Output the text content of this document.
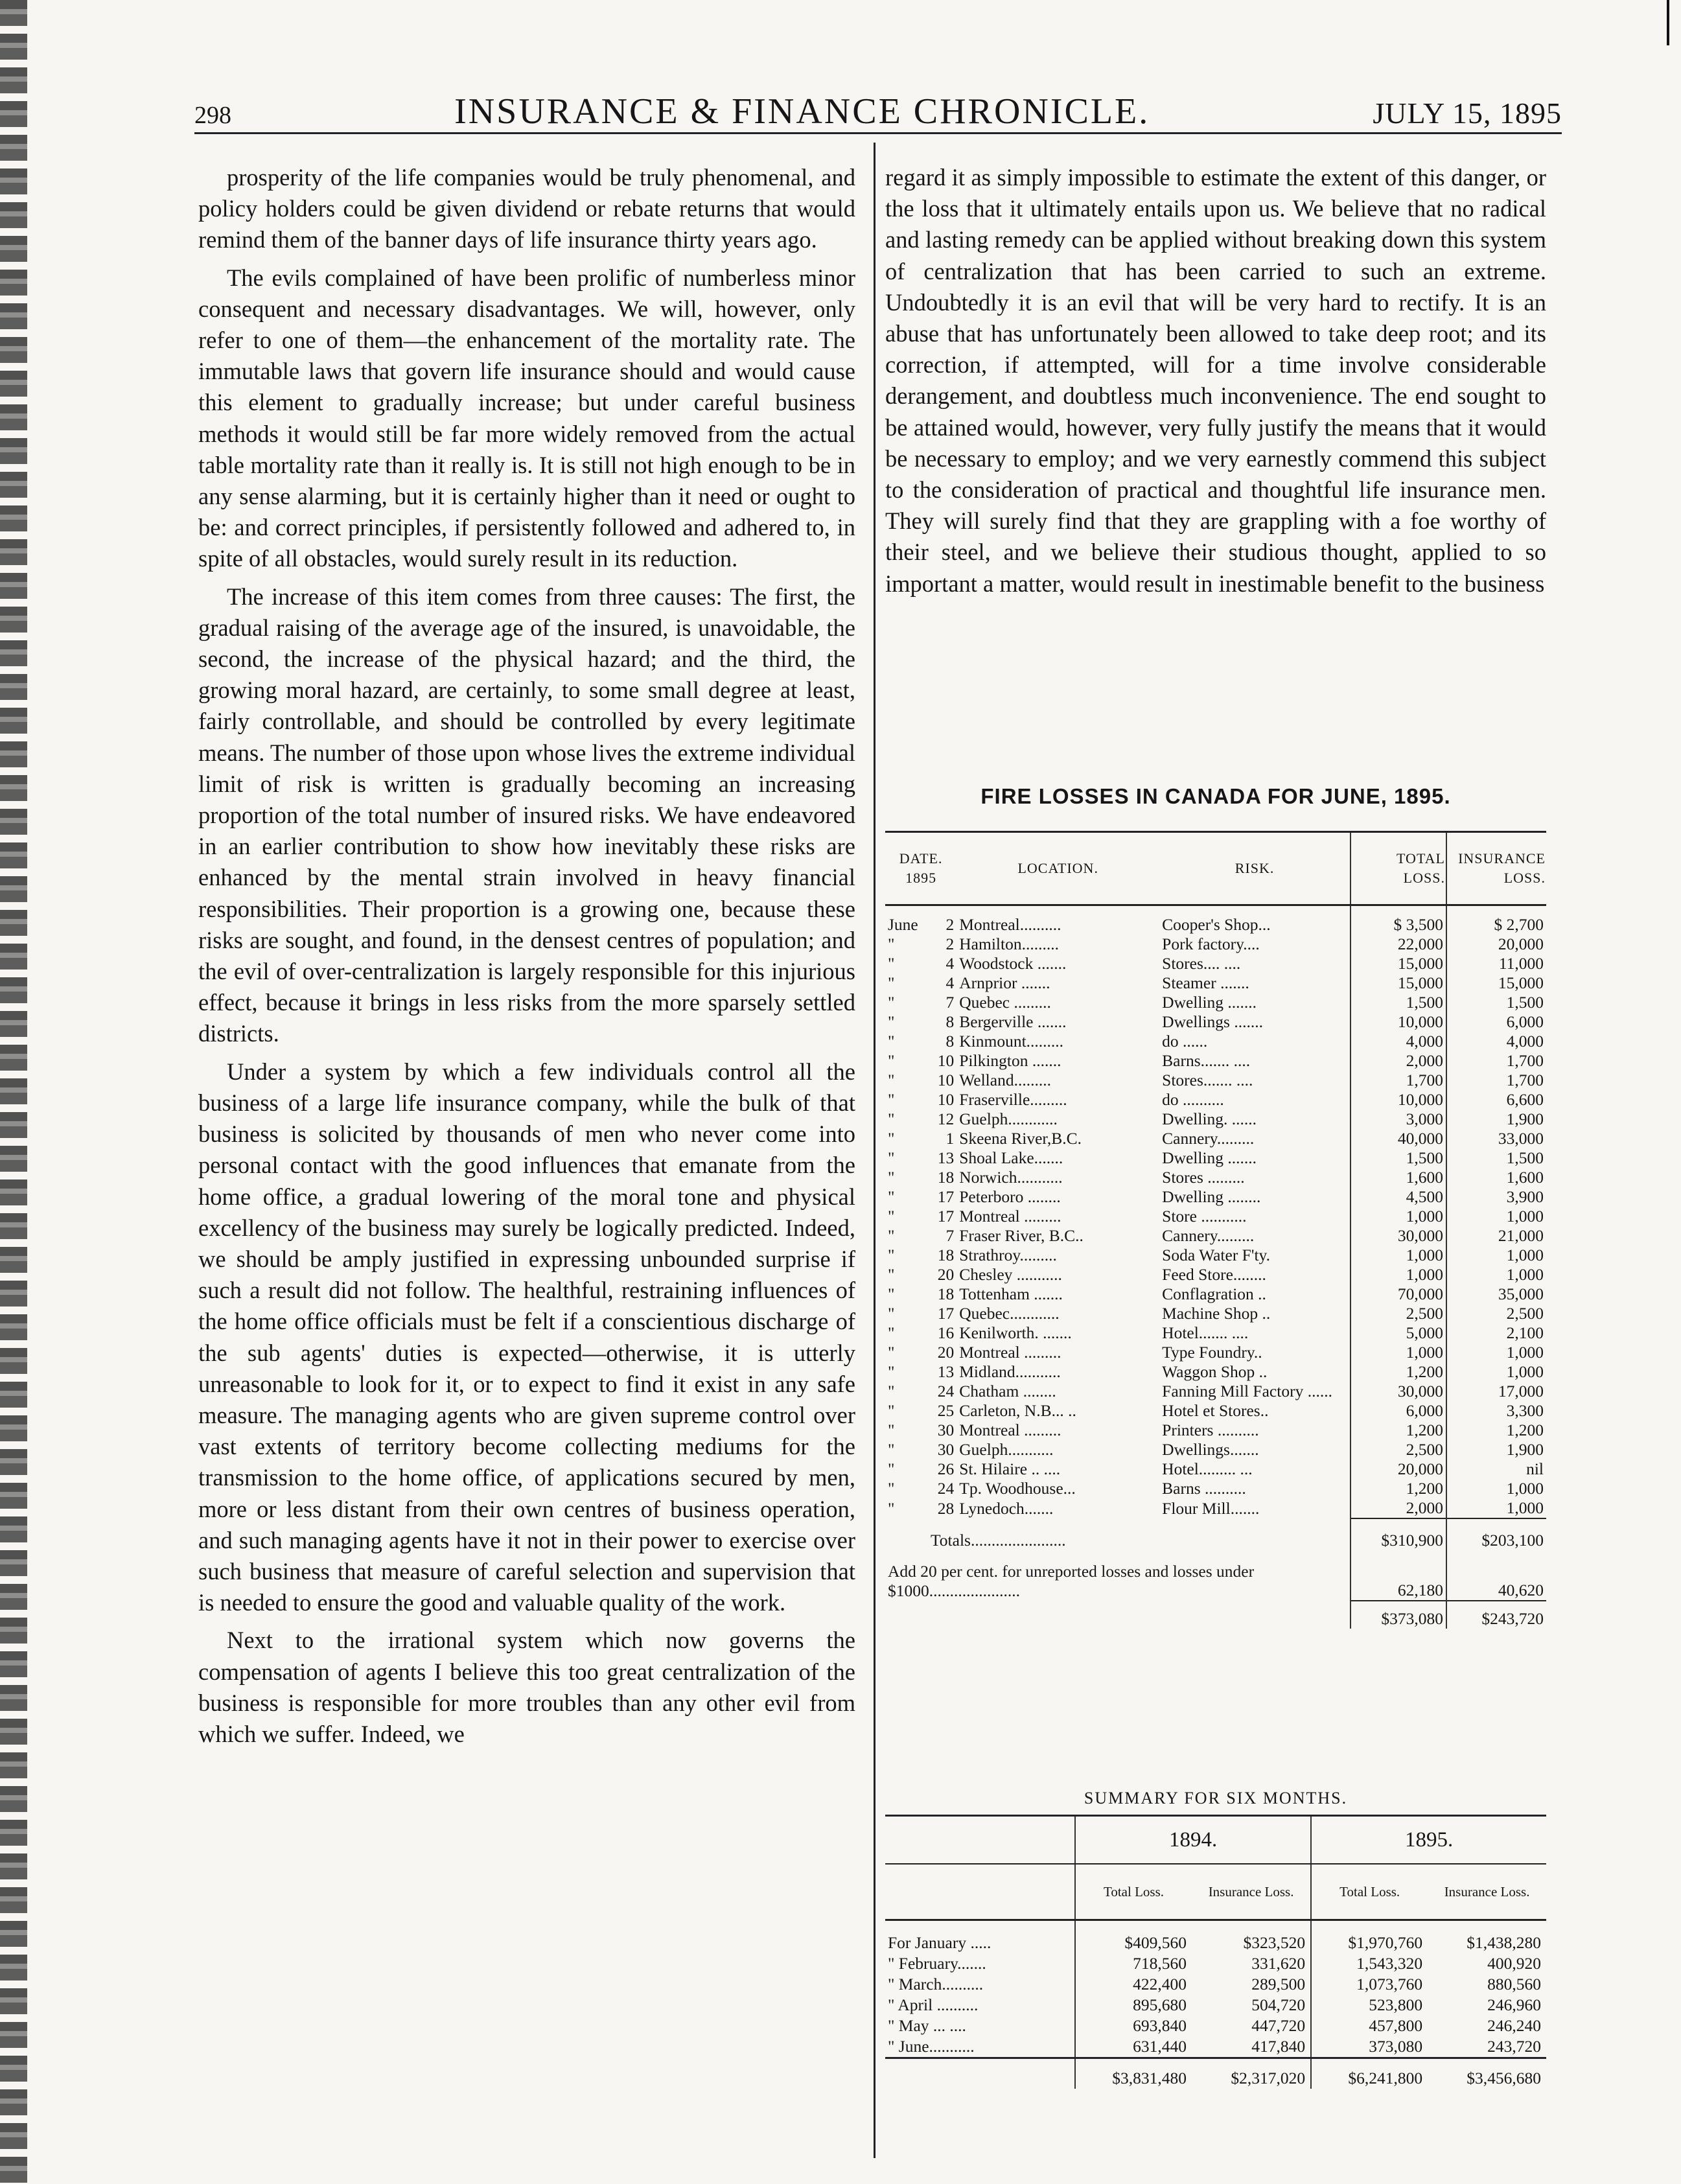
298	INSURANCE & FINANCE CHRONICLE.	JULY 15, 1895

prosperity of the life companies would be truly phenomenal, and policy holders could be given dividend or rebate returns that would remind them of the banner days of life insurance thirty years ago.

The evils complained of have been prolific of numberless minor consequent and necessary disadvantages. We will, however, only refer to one of them—the enhancement of the mortality rate. The immutable laws that govern life insurance should and would cause this element to gradually increase; but under careful business methods it would still be far more widely removed from the actual table mortality rate than it really is. It is still not high enough to be in any sense alarming, but it is certainly higher than it need or ought to be: and correct principles, if persistently followed and adhered to, in spite of all obstacles, would surely result in its reduction.

The increase of this item comes from three causes: The first, the gradual raising of the average age of the insured, is unavoidable, the second, the increase of the physical hazard; and the third, the growing moral hazard, are certainly, to some small degree at least, fairly controllable, and should be controlled by every legitimate means. The number of those upon whose lives the extreme individual limit of risk is written is gradually becoming an increasing proportion of the total number of insured risks. We have endeavored in an earlier contribution to show how inevitably these risks are enhanced by the mental strain involved in heavy financial responsibilities. Their proportion is a growing one, because these risks are sought, and found, in the densest centres of population; and the evil of over-centralization is largely responsible for this injurious effect, because it brings in less risks from the more sparsely settled districts.

Under a system by which a few individuals control all the business of a large life insurance company, while the bulk of that business is solicited by thousands of men who never come into personal contact with the good influences that emanate from the home office, a gradual lowering of the moral tone and physical excellency of the business may surely be logically predicted. Indeed, we should be amply justified in expressing unbounded surprise if such a result did not follow. The healthful, restraining influences of the home office officials must be felt if a conscientious discharge of the sub agents' duties is expected—otherwise, it is utterly unreasonable to look for it, or to expect to find it exist in any safe measure. The managing agents who are given supreme control over vast extents of territory become collecting mediums for the transmission to the home office, of applications secured by men, more or less distant from their own centres of business operation, and such managing agents have it not in their power to exercise over such business that measure of careful selection and supervision that is needed to ensure the good and valuable quality of the work.

Next to the irrational system which now governs the compensation of agents I believe this too great centralization of the business is responsible for more troubles than any other evil from which we suffer. Indeed, we

regard it as simply impossible to estimate the extent of this danger, or the loss that it ultimately entails upon us. We believe that no radical and lasting remedy can be applied without breaking down this system of centralization that has been carried to such an extreme. Undoubtedly it is an evil that will be very hard to rectify. It is an abuse that has unfortunately been allowed to take deep root; and its correction, if attempted, will for a time involve considerable derangement, and doubtless much inconvenience. The end sought to be attained would, however, very fully justify the means that it would be necessary to employ; and we very earnestly commend this subject to the consideration of practical and thoughtful life insurance men. They will surely find that they are grappling with a foe worthy of their steel, and we believe their studious thought, applied to so important a matter, would result in inestimable benefit to the business

FIRE LOSSES IN CANADA FOR JUNE, 1895.
DATE.
1895	LOCATION.	RISK.	TOTAL LOSS.	INSURANCE LOSS.

June 2	Montreal..........	Cooper's Shop...	$ 3,500	$ 2,700

" 2	Hamilton.........	Pork factory....	22,000	20,000

" 4	Woodstock .......	Stores.... ....	15,000	11,000

" 4	Arnprior .......	Steamer .......	15,000	15,000

" 7	Quebec .........	Dwelling .......	1,500	1,500

" 8	Bergerville .......	Dwellings .......	10,000	6,000

" 8	Kinmount.........	do ......	4,000	4,000

" 10	Pilkington .......	Barns....... ....	2,000	1,700

" 10	Welland.........	Stores....... ....	1,700	1,700

" 10	Fraserville.........	do ..........	10,000	6,600

" 12	Guelph............	Dwelling. ......	3,000	1,900

" 1	Skeena River,B.C.	Cannery.........	40,000	33,000

" 13	Shoal Lake.......	Dwelling .......	1,500	1,500

" 18	Norwich...........	Stores .........	1,600	1,600

" 17	Peterboro ........	Dwelling ........	4,500	3,900

" 17	Montreal .........	Store ...........	1,000	1,000

" 7	Fraser River, B.C..	Cannery.........	30,000	21,000

" 18	Strathroy.........	Soda Water F'ty.	1,000	1,000

" 20	Chesley ...........	Feed Store........	1,000	1,000

" 18	Tottenham .......	Conflagration ..	70,000	35,000

" 17	Quebec............	Machine Shop ..	2,500	2,500

" 16	Kenilworth. .......	Hotel....... ....	5,000	2,100

" 20	Montreal .........	Type Foundry..	1,000	1,000

" 13	Midland...........	Waggon Shop ..	1,200	1,000

" 24	Chatham ........	Fanning Mill Factory ......	30,000	17,000

" 25	Carleton, N.B... ..	Hotel et Stores..	6,000	3,300

" 30	Montreal .........	Printers ..........	1,200	1,200

" 30	Guelph...........	Dwellings.......	2,500	1,900

" 26	St. Hilaire .. ....	Hotel......... ...	20,000	nil

" 24	Tp. Woodhouse...	Barns ..........	1,200	1,000

" 28	Lynedoch.......	Flour Mill.......	2,000	1,000
Totals.......................			$310,900	$203,100
Add 20 per cent. for unreported losses and losses under $1000......................			62,180	40,620
			$373,080	$243,720
SUMMARY FOR SIX MONTHS.
	1894.		1895.	
	Total Loss.	Insurance Loss.	Total Loss.	Insurance Loss.
For January .....	$409,560	$323,520	$1,970,760	$1,438,280
" February.......	718,560	331,620	1,543,320	400,920
" March..........	422,400	289,500	1,073,760	880,560
" April ..........	895,680	504,720	523,800	246,960
" May ... ....	693,840	447,720	457,800	246,240
" June...........	631,440	417,840	373,080	243,720
	$3,831,480	$2,317,020	$6,241,800	$3,456,680
